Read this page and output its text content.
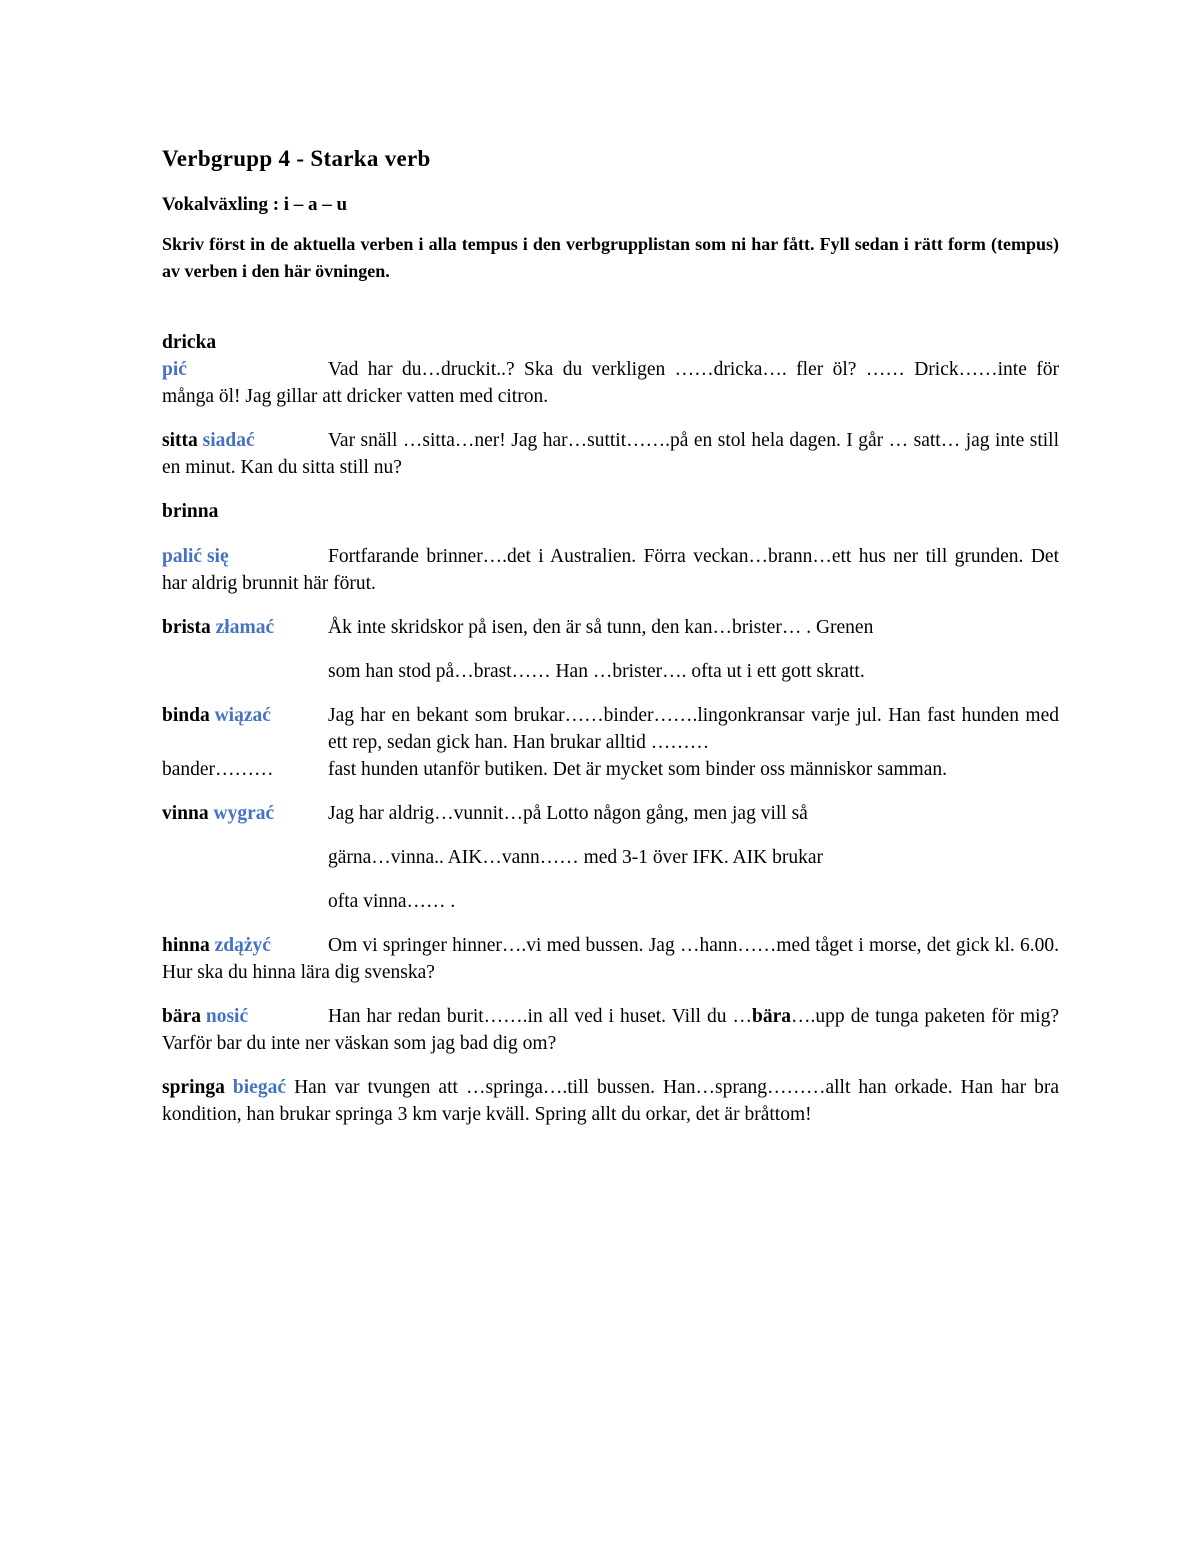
Verbgrupp 4 - Starka verb
Vokalväxling : i – a – u
Skriv först in de aktuella verben i alla tempus i den verbgrupplistan som ni har fått. Fyll sedan i rätt form (tempus) av verben i den här övningen.
dricka
pić	Vad har du…druckit..? Ska du verkligen ……dricka…. fler öl? …… Drick……inte för många öl! Jag gillar att dricker vatten med citron.
sitta siadać	Var snäll …sitta…ner! Jag har…suttit…….på en stol hela dagen. I går … satt… jag inte still en minut. Kan du sitta still nu?
brinna
palić się	Fortfarande brinner….det i Australien. Förra veckan…brann…ett hus ner till grunden. Det har aldrig brunnit här förut.
brista złamać	Åk inte skridskor på isen, den är så tunn, den kan…brister… . Grenen
som han stod på…brast…… Han …brister…. ofta ut i ett gott skratt.
binda wiązać	Jag har en bekant som brukar……binder…….lingonkransar varje jul. Han fast hunden med ett rep, sedan gick han. Han brukar alltid ………
bander………	fast hunden utanför butiken. Det är mycket som binder oss människor samman.
vinna wygrać	Jag har aldrig…vunnit…på Lotto någon gång, men jag vill så
gärna…vinna.. AIK…vann…… med 3-1 över IFK. AIK brukar
ofta vinna…… .
hinna zdążyć	Om vi springer hinner….vi med bussen. Jag …hann……med tåget i morse, det gick kl. 6.00. Hur ska du hinna lära dig svenska?
bära nosić	Han har redan burit…….in all ved i huset. Vill du …bära….upp de tunga paketen för mig? Varför bar du inte ner väskan som jag bad dig om?
springa biegać Han var tvungen att …springa….till bussen. Han…sprang………allt han orkade. Han har bra kondition, han brukar springa 3 km varje kväll. Spring allt du orkar, det är bråttom!
